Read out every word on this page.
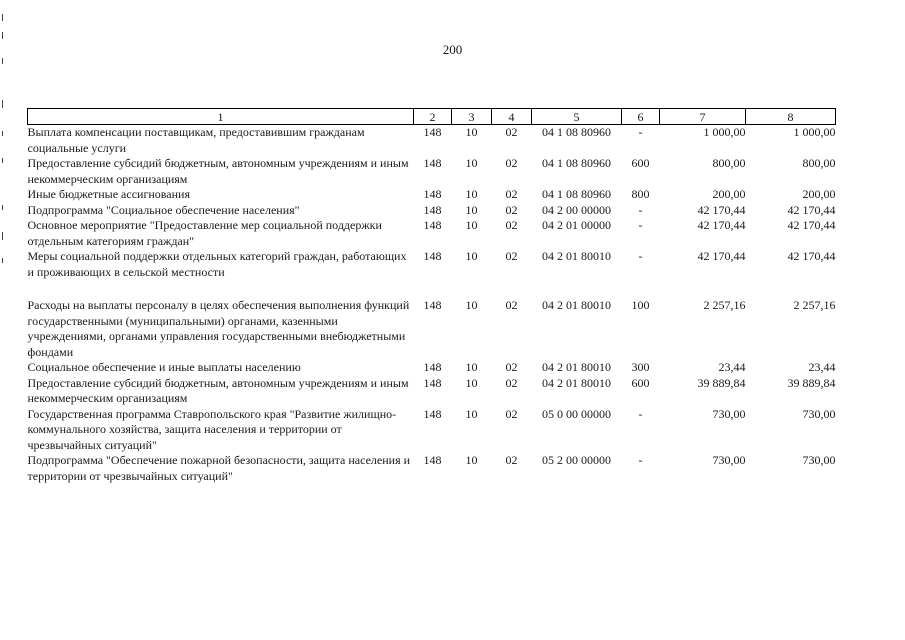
200
1	2	3	4	5	6	7	8
Выплата компенсации поставщикам, предоставившим гражданам социальные услуги	148	10	02	04 1 08 80960	-	1 000,00	1 000,00
Предоставление субсидий бюджетным, автономным учреждениям и иным некоммерческим организациям	148	10	02	04 1 08 80960	600	800,00	800,00
Иные бюджетные ассигнования	148	10	02	04 1 08 80960	800	200,00	200,00
Подпрограмма "Социальное обеспечение населения"	148	10	02	04 2 00 00000	-	42 170,44	42 170,44
Основное мероприятие "Предоставление мер социальной поддержки отдельным категориям граждан"	148	10	02	04 2 01 00000	-	42 170,44	42 170,44
Меры социальной поддержки отдельных категорий граждан, работающих и проживающих в сельской местности	148	10	02	04 2 01 80010	-	42 170,44	42 170,44

Расходы на выплаты персоналу в целях обеспечения выполнения функций государственными (муниципальными) органами, казенными учреждениями, органами управления государственными внебюджетными фондами	148	10	02	04 2 01 80010	100	2 257,16	2 257,16
Социальное обеспечение и иные выплаты населению	148	10	02	04 2 01 80010	300	23,44	23,44
Предоставление субсидий бюджетным, автономным учреждениям и иным некоммерческим организациям	148	10	02	04 2 01 80010	600	39 889,84	39 889,84
Государственная программа Ставропольского края "Развитие жилищно-коммунального хозяйства, защита населения и территории от чрезвычайных ситуаций"	148	10	02	05 0 00 00000	-	730,00	730,00
Подпрограмма "Обеспечение пожарной безопасности, защита населения и территории от чрезвычайных ситуаций"	148	10	02	05 2 00 00000	-	730,00	730,00
